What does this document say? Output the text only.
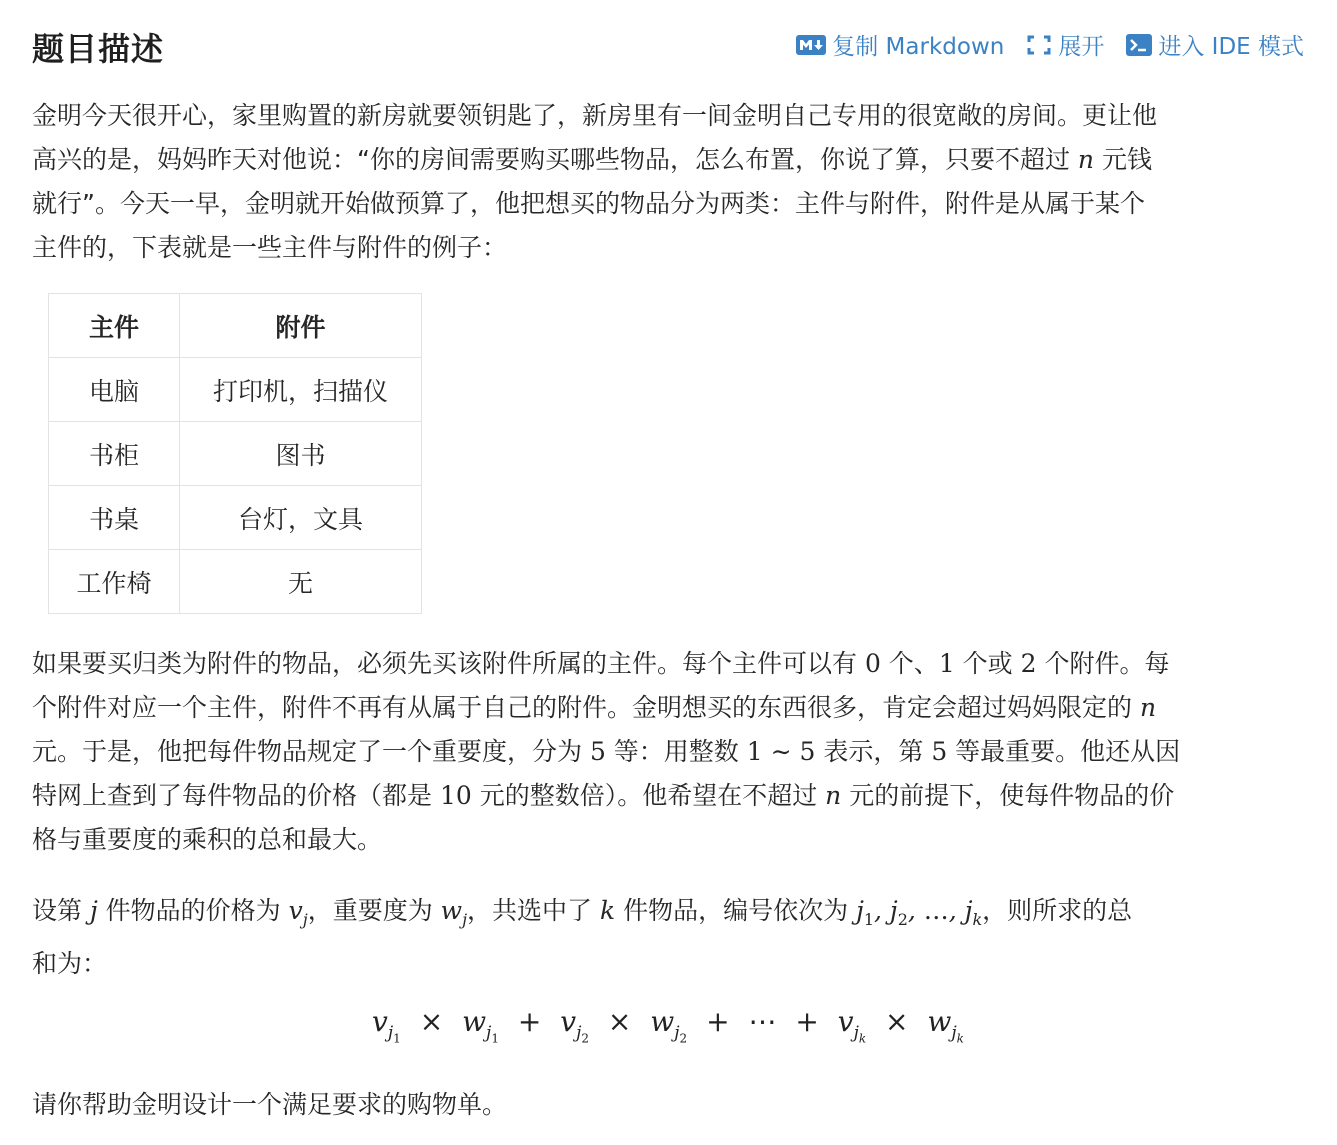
题目描述	复制 Markdown 展开 进入 IDE 模式

金明今天很开心，家里购置的新房就要领钥匙了，新房里有一间金明自己专用的很宽敞的房间。更让他
高兴的是，妈妈昨天对他说：“你的房间需要购买哪些物品，怎么布置，你说了算，只要不超过 n 元钱
就行”。今天一早，金明就开始做预算了，他把想买的物品分为两类：主件与附件，附件是从属于某个
主件的，下表就是一些主件与附件的例子：

主件	附件
电脑	打印机，扫描仪
书柜	图书
书桌	台灯，文具
工作椅	无

如果要买归类为附件的物品，必须先买该附件所属的主件。每个主件可以有 0 个、1 个或 2 个附件。每
个附件对应一个主件，附件不再有从属于自己的附件。金明想买的东西很多，肯定会超过妈妈限定的 n
元。于是，他把每件物品规定了一个重要度，分为 5 等：用整数 1 ∼ 5 表示，第 5 等最重要。他还从因
特网上查到了每件物品的价格（都是 10 元的整数倍）。他希望在不超过 n 元的前提下，使每件物品的价
格与重要度的乘积的总和最大。

设第 j 件物品的价格为 $v_j$，重要度为 $w_j$，共选中了 k 件物品，编号依次为 $j_1$, $j_2$, …, $j_k$，则所求的总
和为：

$v_{j_1} \times w_{j_1} + v_{j_2} \times w_{j_2}$ + ⋯ + $v_{j_k} \times w_{j_k}$

请你帮助金明设计一个满足要求的购物单。
